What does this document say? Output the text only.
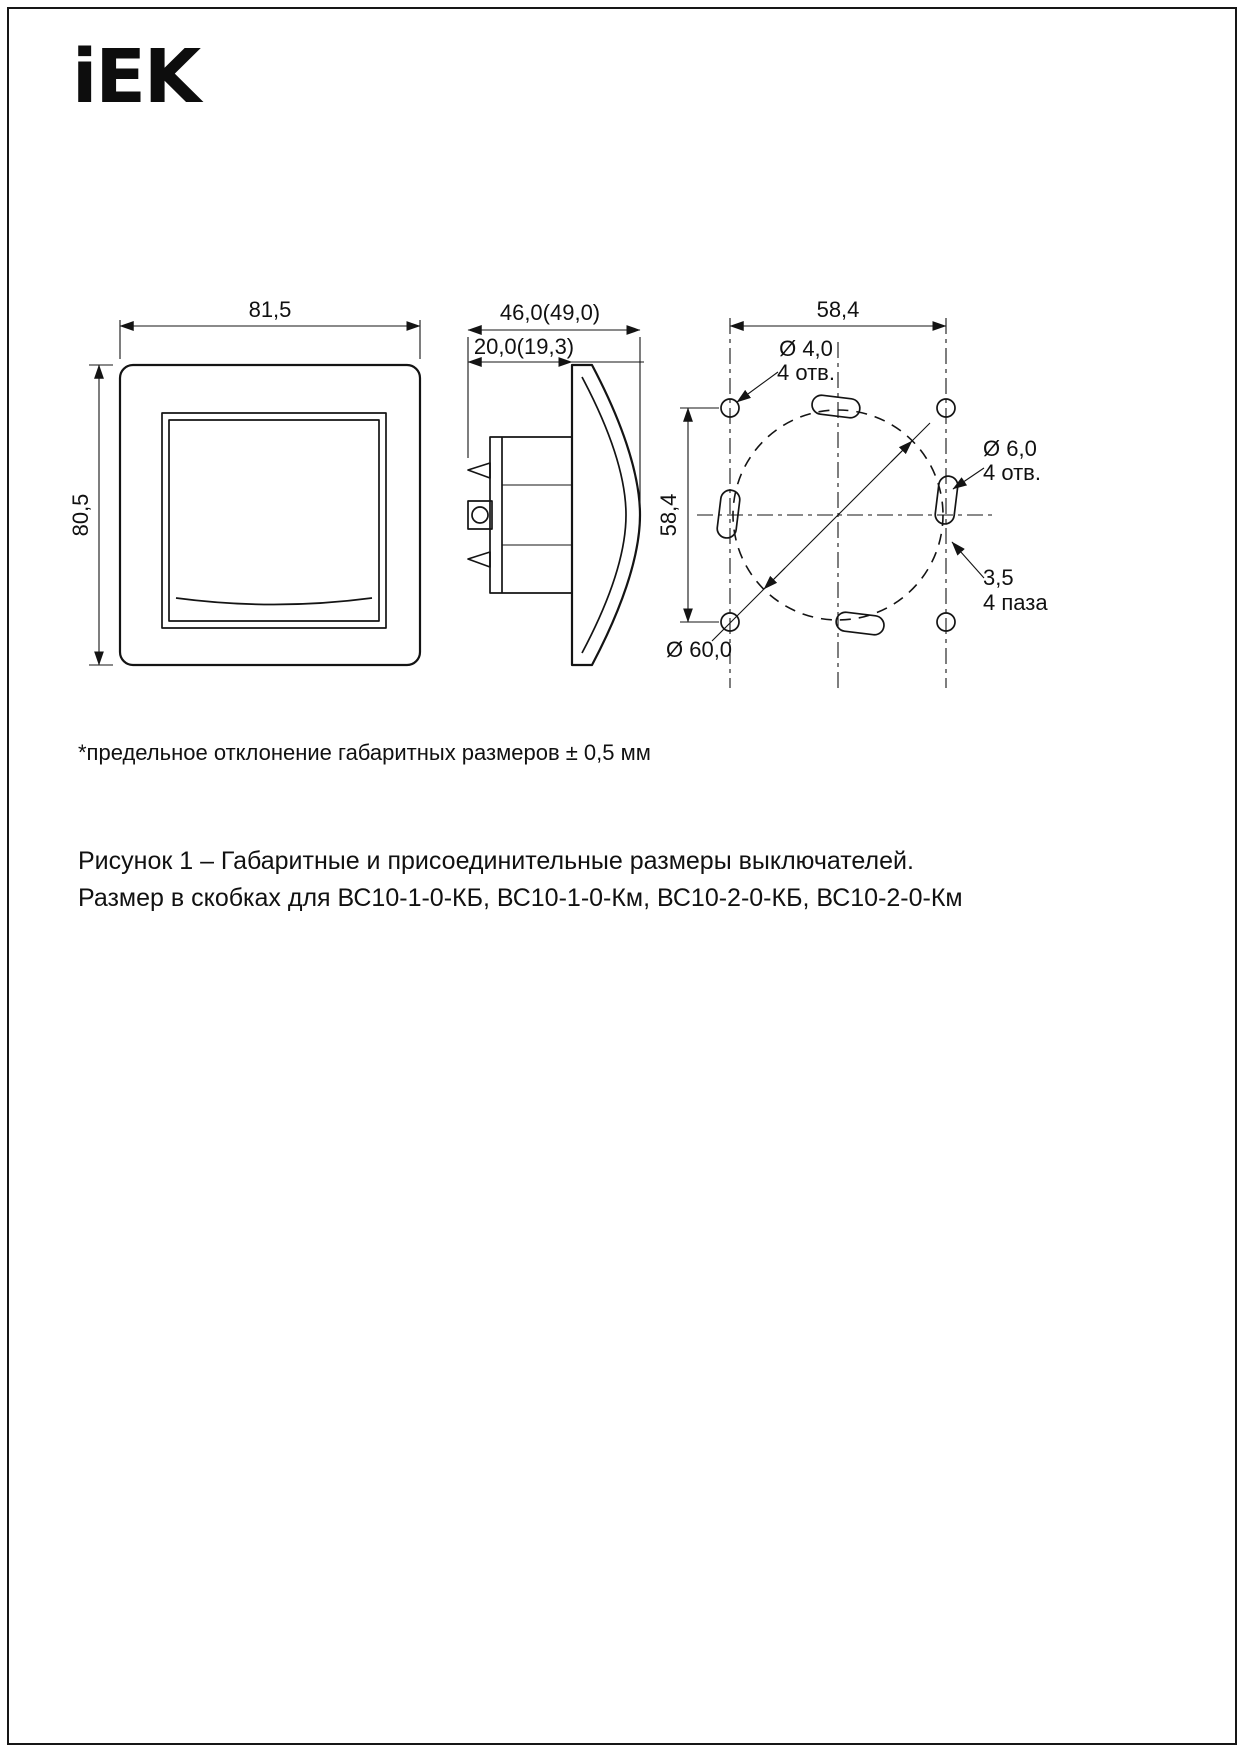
iEK
81,5
80,5
46,0(49,0)
20,0(19,3)
58,4
58,4
Ø 60,0
Ø 4,0
4 отв.
Ø 6,0
4 отв.
3,5
4 паза
*предельное отклонение габаритных размеров ± 0,5 мм
Рисунок 1 – Габаритные и присоединительные размеры выключателей.
Размер в скобках для ВС10-1-0-КБ, ВС10-1-0-Км, ВС10-2-0-КБ, ВС10-2-0-Км
